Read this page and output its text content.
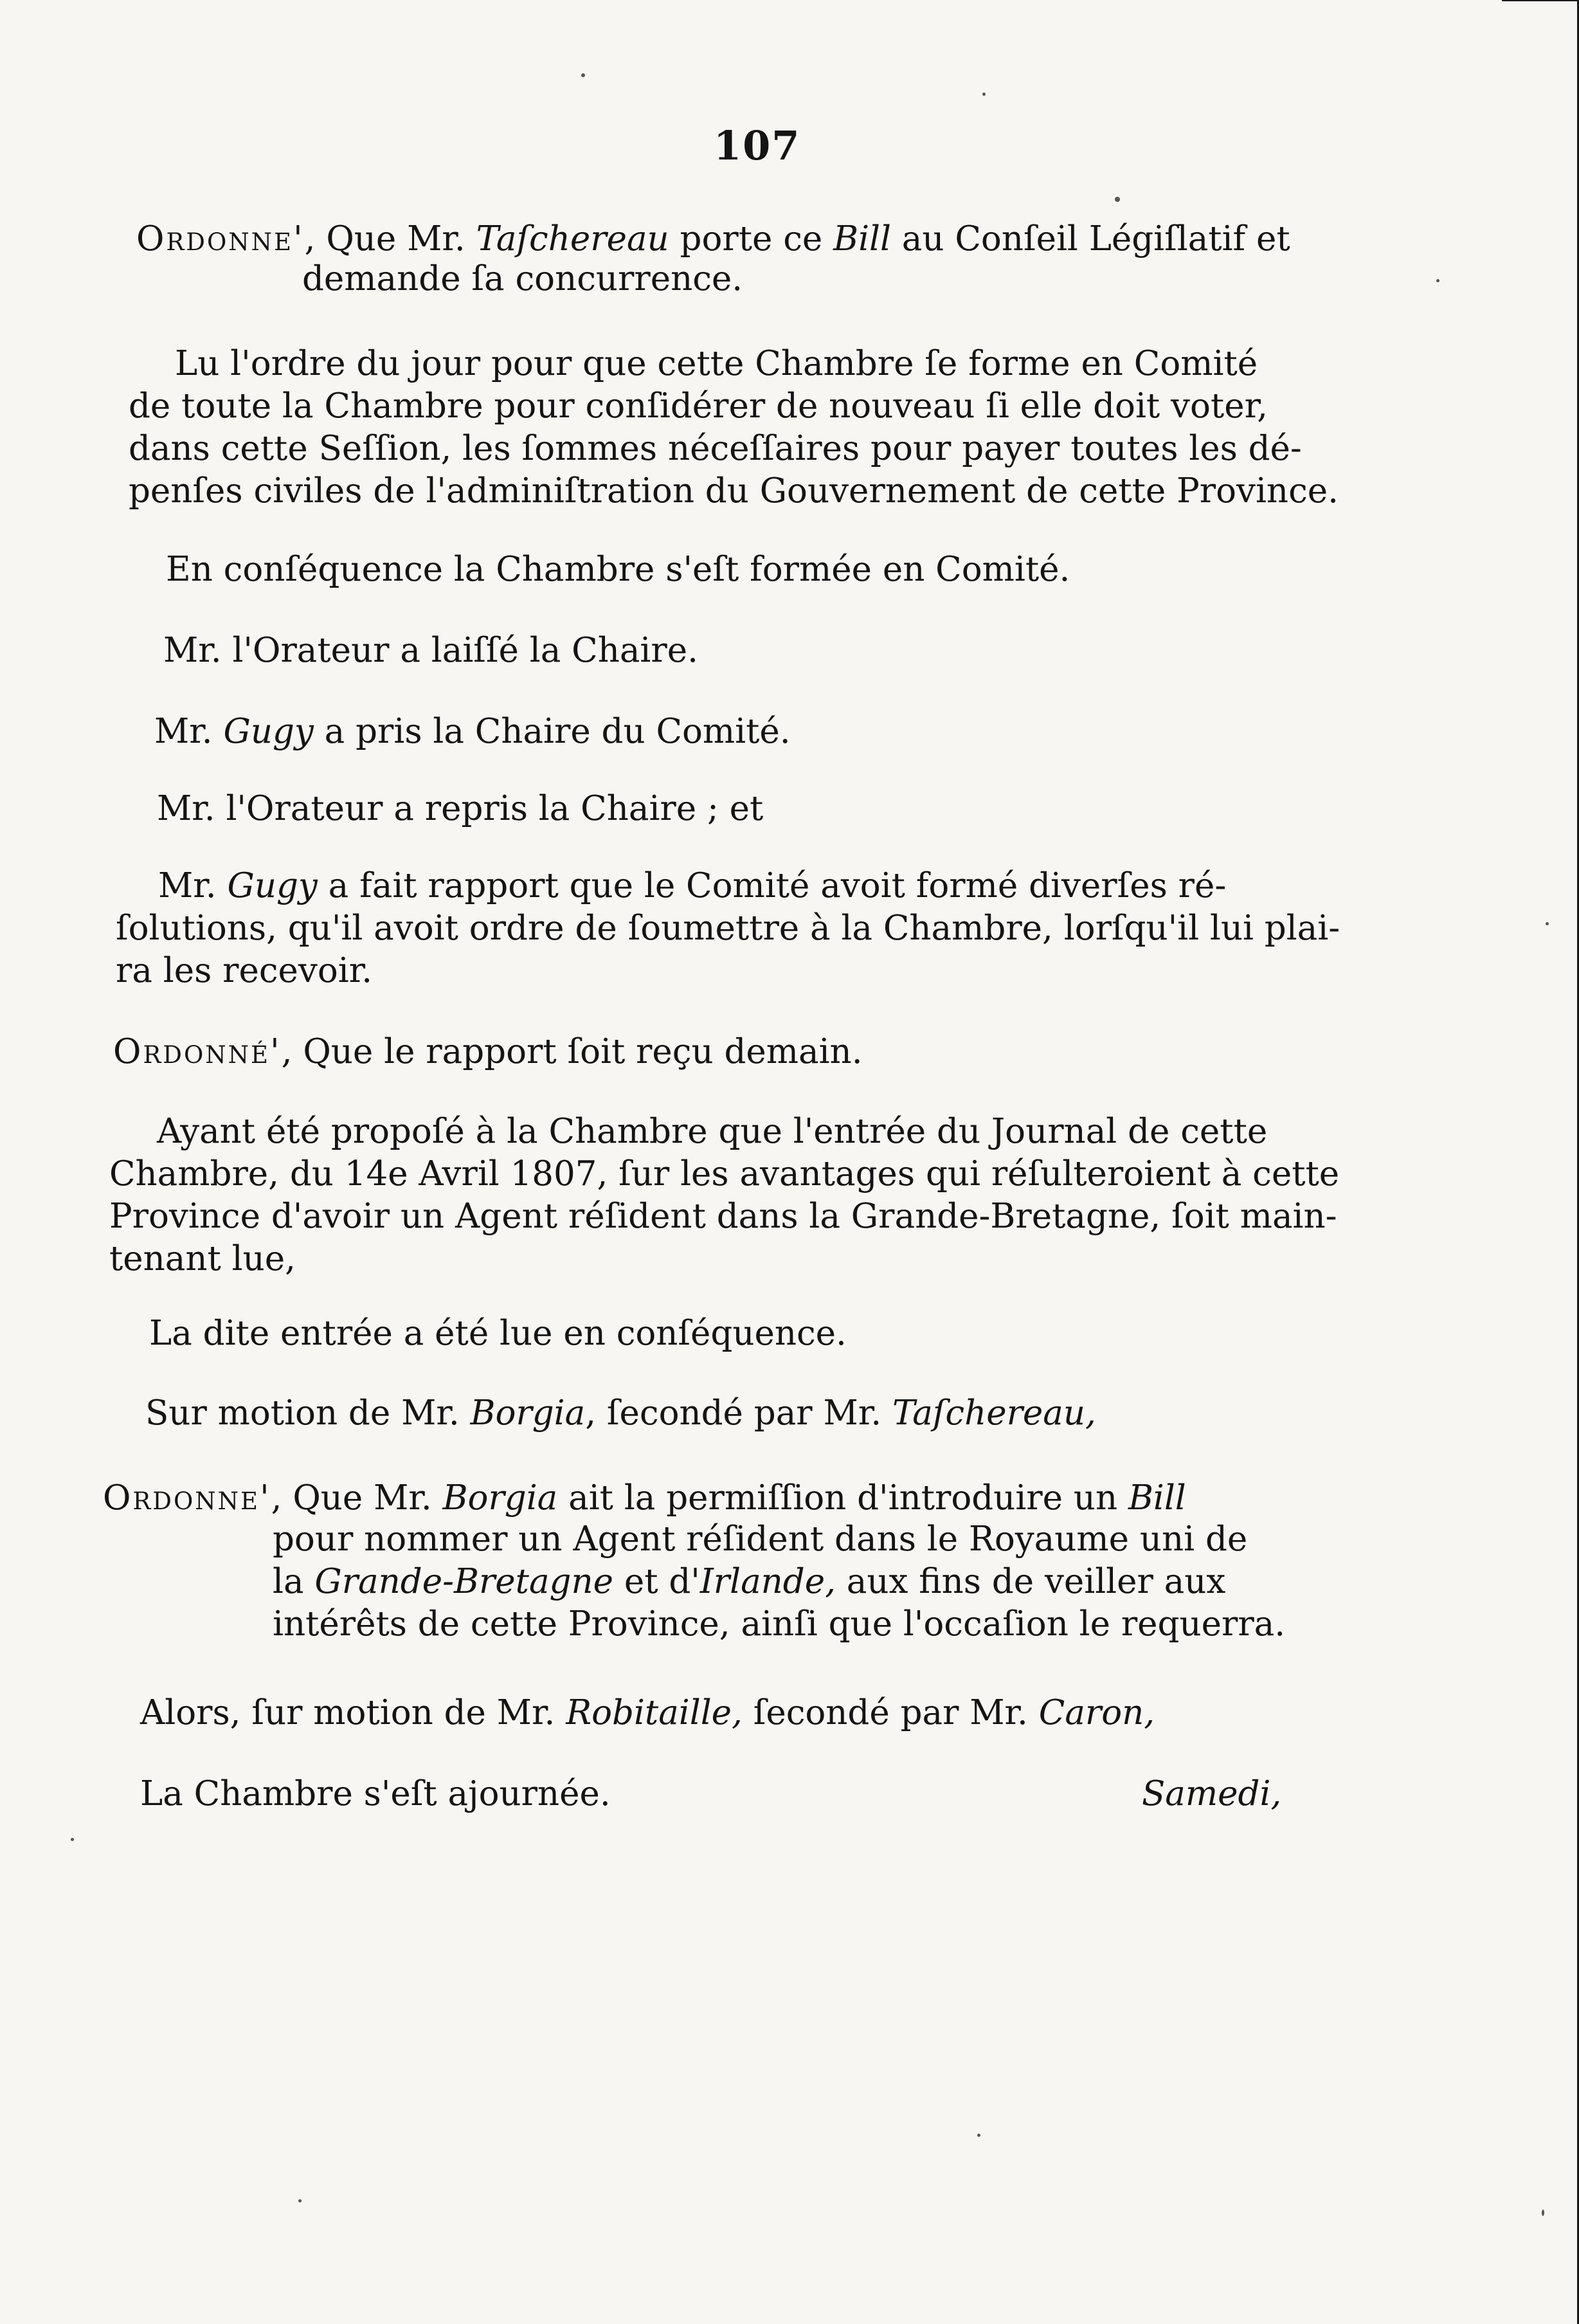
107
Ordonne', Que Mr. Taſchereau porte ce Bill au Conſeil Légiſlatif et
demande ſa concurrence.
Lu l'ordre du jour pour que cette Chambre ſe forme en Comité
de toute la Chambre pour conſidérer de nouveau ſi elle doit voter,
dans cette Seſſion, les ſommes néceſſaires pour payer toutes les dé-
penſes civiles de l'adminiſtration du Gouvernement de cette Province.
En conſéquence la Chambre s'eſt formée en Comité.
Mr. l'Orateur a laiſſé la Chaire.
Mr. Gugy a pris la Chaire du Comité.
Mr. l'Orateur a repris la Chaire ; et
Mr. Gugy a fait rapport que le Comité avoit formé diverſes ré-
ſolutions, qu'il avoit ordre de ſoumettre à la Chambre, lorſqu'il lui plai-
ra les recevoir.
Ordonné', Que le rapport ſoit reçu demain.
Ayant été propoſé à la Chambre que l'entrée du Journal de cette
Chambre, du 14e Avril 1807, ſur les avantages qui réſulteroient à cette
Province d'avoir un Agent réſident dans la Grande-Bretagne, ſoit main-
tenant lue,
La dite entrée a été lue en conſéquence.
Sur motion de Mr. Borgia, ſecondé par Mr. Taſchereau,
Ordonne', Que Mr. Borgia ait la permiſſion d'introduire un Bill
pour nommer un Agent réſident dans le Royaume uni de
la Grande-Bretagne et d'Irlande, aux fins de veiller aux
intérêts de cette Province, ainſi que l'occaſion le requerra.
Alors, ſur motion de Mr. Robitaille, ſecondé par Mr. Caron,
La Chambre s'eſt ajournée.	Samedi,
